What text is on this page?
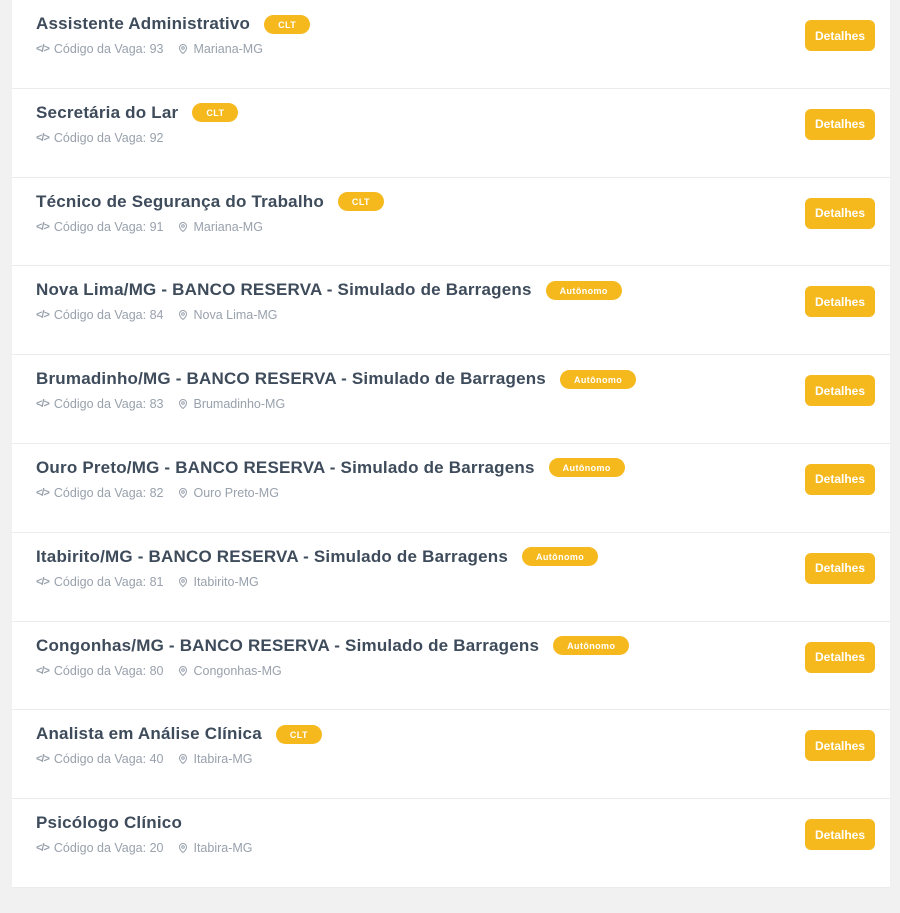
Assistente Administrativo	CLT
</> Código da Vaga: 93 Mariana-MG
Detalhes
Secretária do Lar	CLT
</> Código da Vaga: 92
Detalhes
Técnico de Segurança do Trabalho	CLT
</> Código da Vaga: 91 Mariana-MG
Detalhes
Nova Lima/MG - BANCO RESERVA - Simulado de Barragens	Autônomo
</> Código da Vaga: 84 Nova Lima-MG
Detalhes
Brumadinho/MG - BANCO RESERVA - Simulado de Barragens	Autônomo
</> Código da Vaga: 83 Brumadinho-MG
Detalhes
Ouro Preto/MG - BANCO RESERVA - Simulado de Barragens	Autônomo
</> Código da Vaga: 82 Ouro Preto-MG
Detalhes
Itabirito/MG - BANCO RESERVA - Simulado de Barragens	Autônomo
</> Código da Vaga: 81 Itabirito-MG
Detalhes
Congonhas/MG - BANCO RESERVA - Simulado de Barragens	Autônomo
</> Código da Vaga: 80 Congonhas-MG
Detalhes
Analista em Análise Clínica	CLT
</> Código da Vaga: 40 Itabira-MG
Detalhes
Psicólogo Clínico
</> Código da Vaga: 20 Itabira-MG
Detalhes
